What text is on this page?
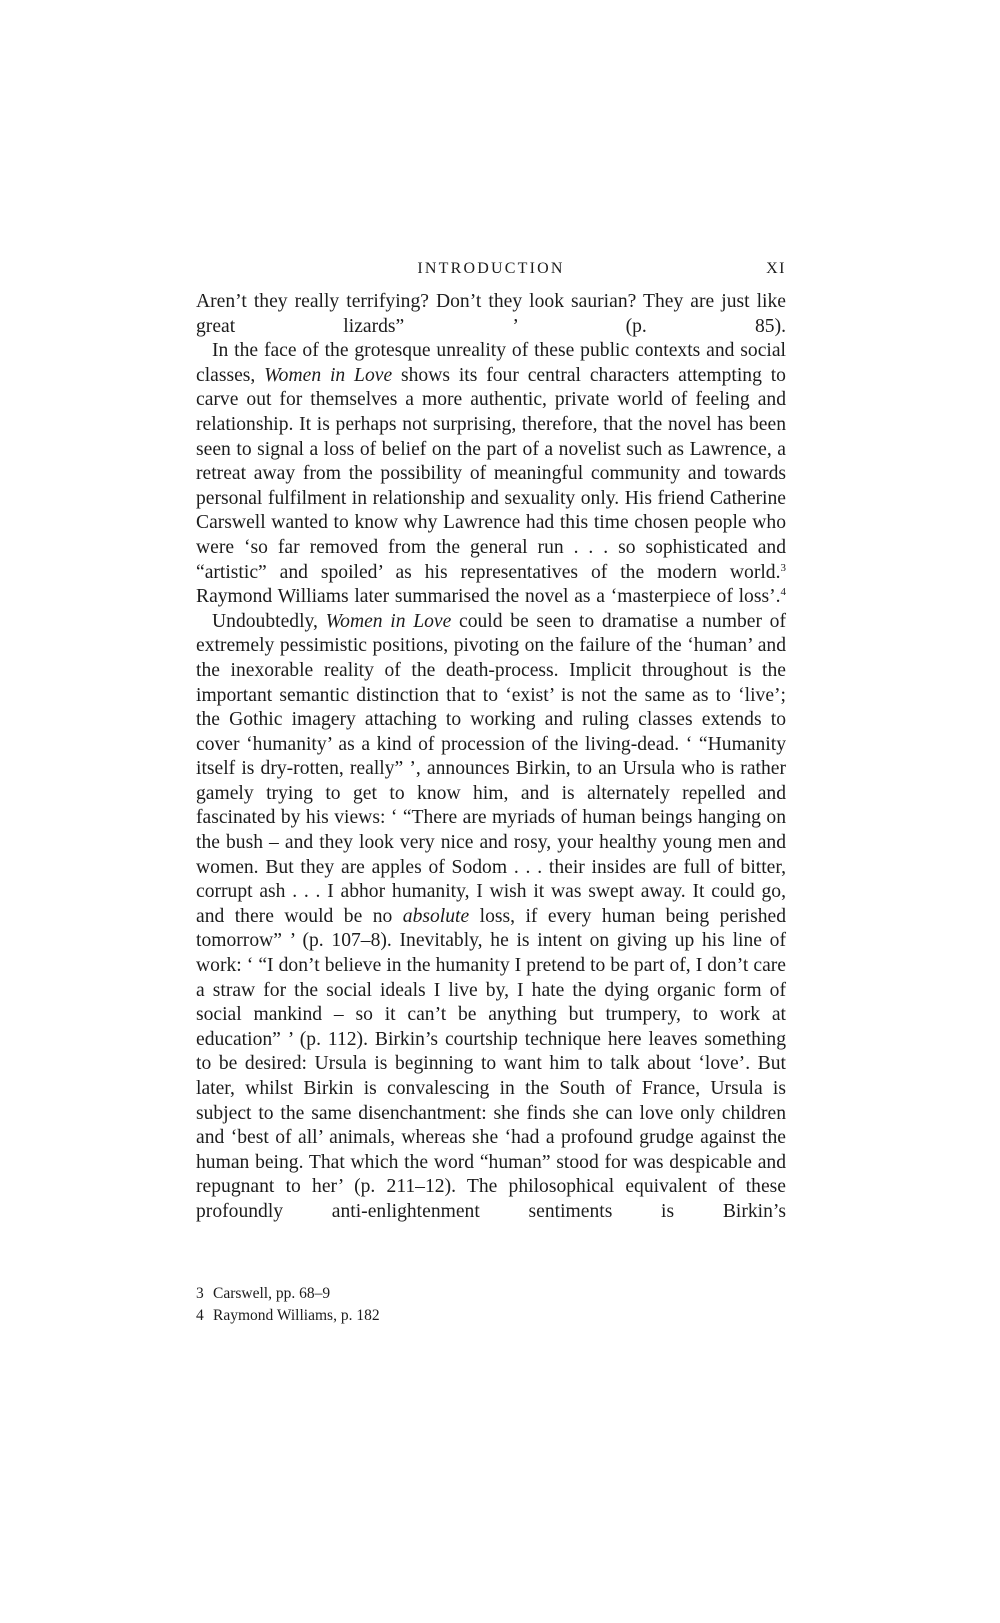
INTRODUCTION	XI

Aren’t they really terrifying? Don’t they look saurian? They are just like great lizards” ’ (p. 85).

In the face of the grotesque unreality of these public contexts and social classes, Women in Love shows its four central characters attempting to carve out for themselves a more authentic, private world of feeling and relationship. It is perhaps not surprising, therefore, that the novel has been seen to signal a loss of belief on the part of a novelist such as Lawrence, a retreat away from the possibility of meaningful community and towards personal fulfilment in relationship and sexuality only. His friend Catherine Carswell wanted to know why Lawrence had this time chosen people who were ‘so far removed from the general run . . . so sophisticated and “artistic” and spoiled’ as his representatives of the modern world.$^3$ Raymond Williams later summarised the novel as a ‘masterpiece of loss’.$^4$

Undoubtedly, Women in Love could be seen to dramatise a number of extremely pessimistic positions, pivoting on the failure of the ‘human’ and the inexorable reality of the death-process. Implicit throughout is the important semantic distinction that to ‘exist’ is not the same as to ‘live’; the Gothic imagery attaching to working and ruling classes extends to cover ‘humanity’ as a kind of procession of the living-dead. ‘ “Humanity itself is dry-rotten, really” ’, announces Birkin, to an Ursula who is rather gamely trying to get to know him, and is alternately repelled and fascinated by his views: ‘ “There are myriads of human beings hanging on the bush – and they look very nice and rosy, your healthy young men and women. But they are apples of Sodom . . . their insides are full of bitter, corrupt ash . . . I abhor humanity, I wish it was swept away. It could go, and there would be no absolute loss, if every human being perished tomorrow” ’ (p. 107–8). Inevitably, he is intent on giving up his line of work: ‘ “I don’t believe in the humanity I pretend to be part of, I don’t care a straw for the social ideals I live by, I hate the dying organic form of social mankind – so it can’t be anything but trumpery, to work at education” ’ (p. 112). Birkin’s courtship technique here leaves something to be desired: Ursula is beginning to want him to talk about ‘love’. But later, whilst Birkin is convalescing in the South of France, Ursula is subject to the same disenchantment: she finds she can love only children and ‘best of all’ animals, whereas she ‘had a profound grudge against the human being. That which the word “human” stood for was despicable and repugnant to her’ (p. 211–12). The philosophical equivalent of these profoundly anti-enlightenment sentiments is Birkin’s

3 Carswell, pp. 68–9

4 Raymond Williams, p. 182
